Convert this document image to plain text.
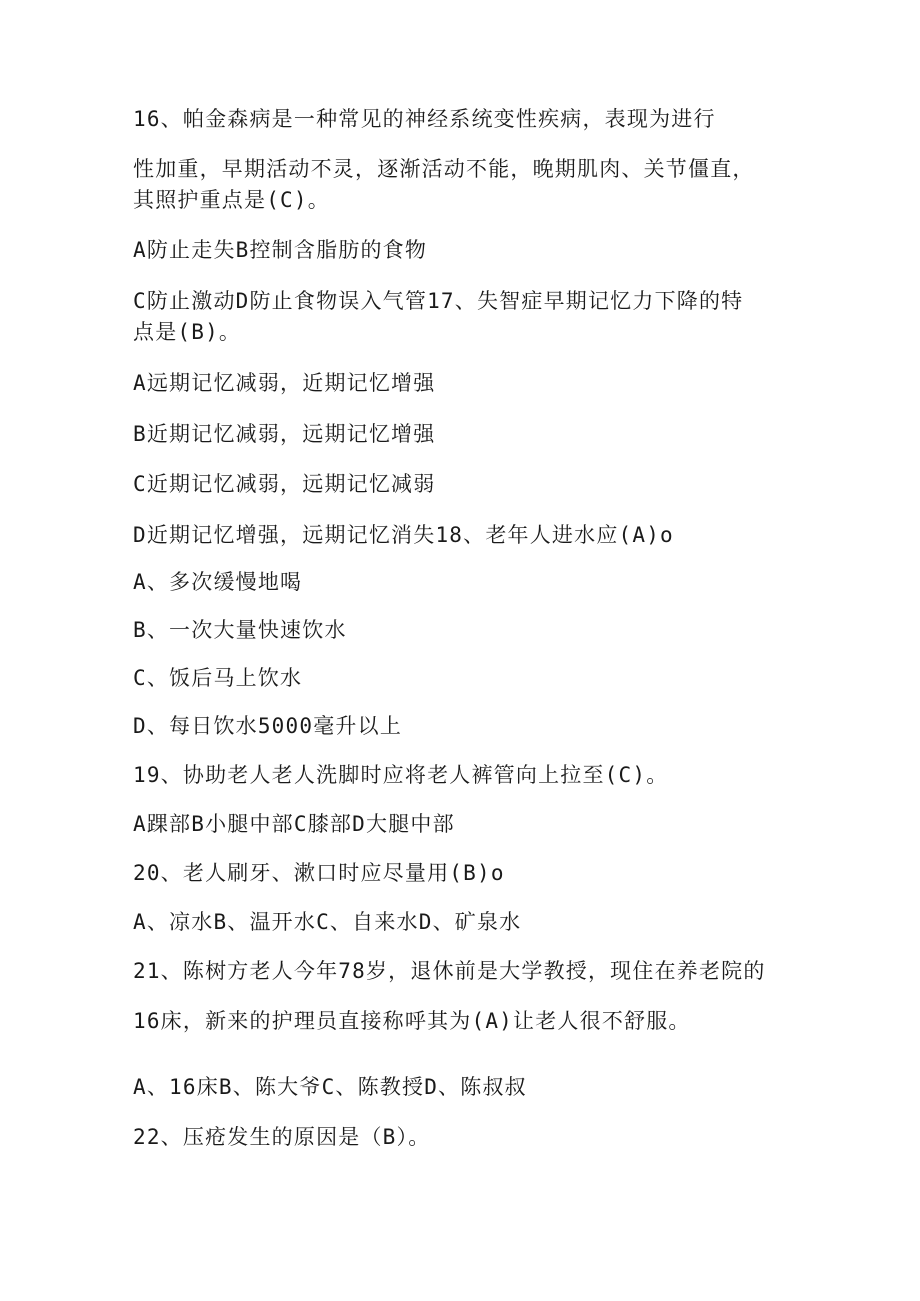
16、帕金森病是一种常见的神经系统变性疾病，表现为进行
性加重，早期活动不灵，逐渐活动不能，晚期肌肉、关节僵直，
其照护重点是(C)。
A防止走失B控制含脂肪的食物
C防止激动D防止食物误入气管17、失智症早期记忆力下降的特
点是(B)。
A远期记忆减弱，近期记忆增强
B近期记忆减弱，远期记忆增强
C近期记忆减弱，远期记忆减弱
D近期记忆增强，远期记忆消失18、老年人进水应(A)o
A、多次缓慢地喝
B、一次大量快速饮水
C、饭后马上饮水
D、每日饮水5000毫升以上
19、协助老人老人洗脚时应将老人裤管向上拉至(C)。
A踝部B小腿中部C膝部D大腿中部
20、老人刷牙、漱口时应尽量用(B)o
A、凉水B、温开水C、自来水D、矿泉水
21、陈树方老人今年78岁，退休前是大学教授，现住在养老院的
16床，新来的护理员直接称呼其为(A)让老人很不舒服。
A、16床B、陈大爷C、陈教授D、陈叔叔
22、压疮发生的原因是（B）。
